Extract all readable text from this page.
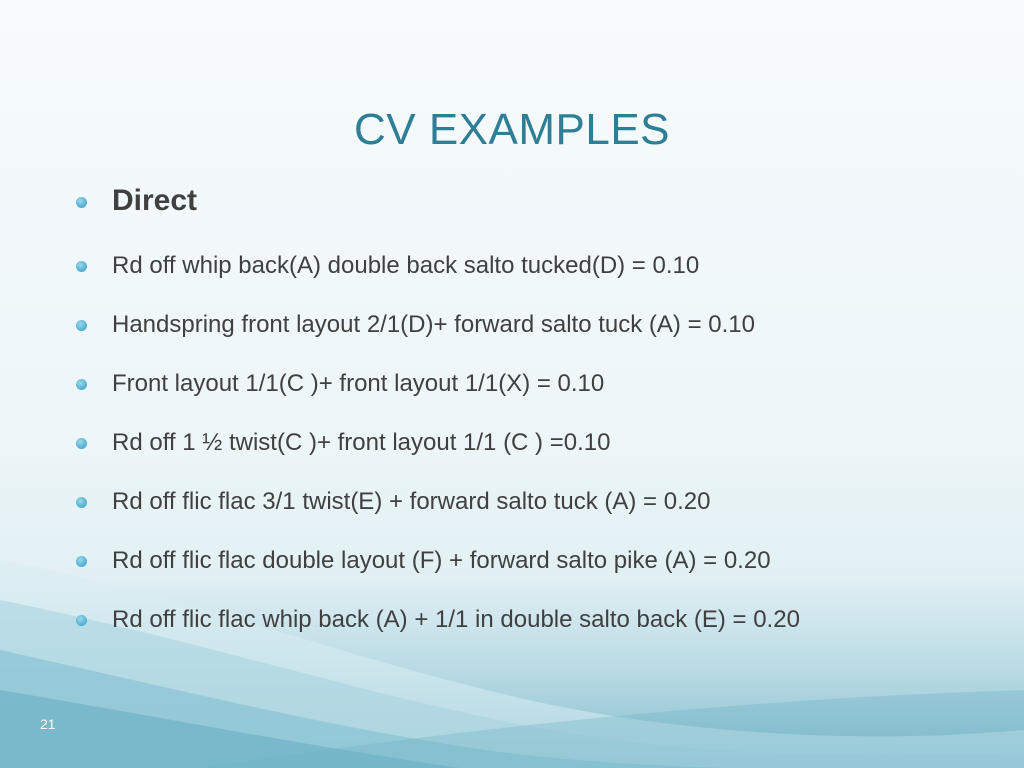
CV EXAMPLES
Direct
Rd off whip back(A) double back salto tucked(D) = 0.10
Handspring front layout 2/1(D)+ forward salto tuck (A) = 0.10
Front layout 1/1(C )+ front layout 1/1(X) = 0.10
Rd off 1 ½ twist(C )+ front layout 1/1 (C ) =0.10
Rd off flic flac 3/1 twist(E) + forward salto tuck (A) = 0.20
Rd off flic flac double layout (F) + forward salto pike (A) = 0.20
Rd off flic flac whip back (A) + 1/1 in double salto back (E) = 0.20
21
